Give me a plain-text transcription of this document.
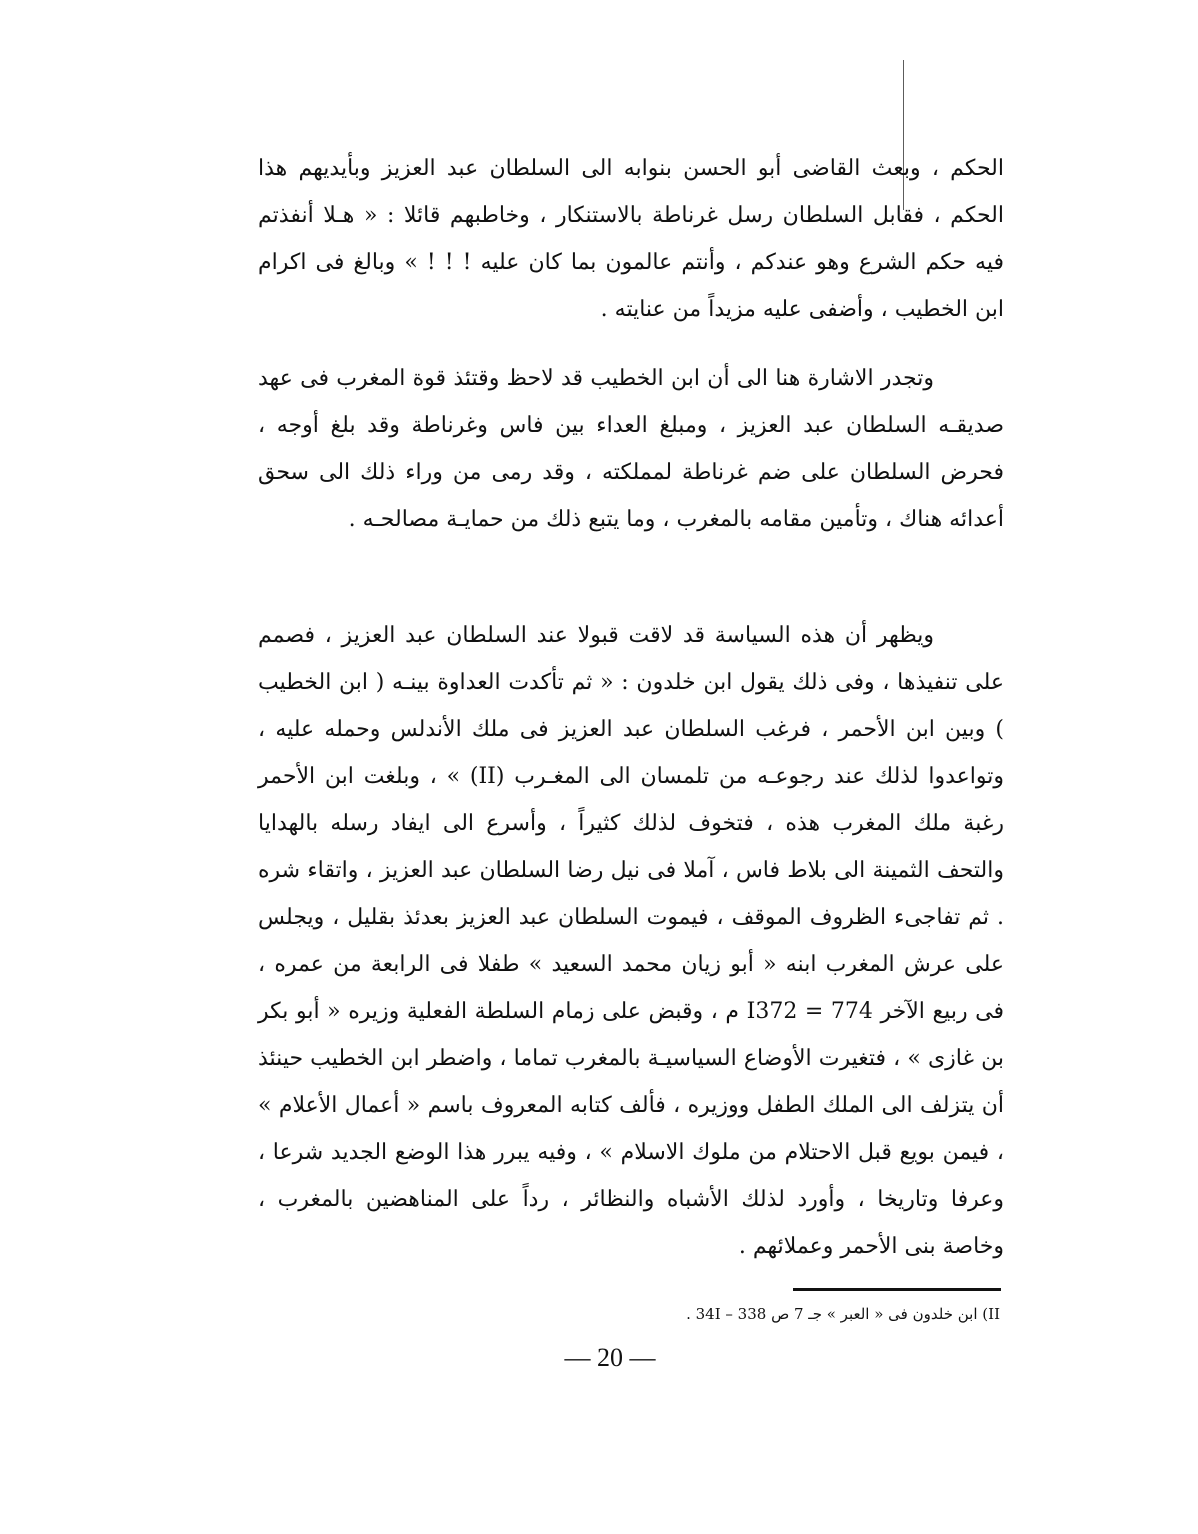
الحكم ، وبعث القاضى أبو الحسن بنوابه الى السلطان عبد العزيز وبأيديهم هذا الحكم ، فقابل السلطان رسل غرناطة بالاستنكار ، وخاطبهم قائلا : « هـلا أنفذتم فيه حكم الشرع وهو عندكم ، وأنتم عالمون بما كان عليه ! ! ! » وبالغ فى اكرام ابن الخطيب ، وأضفى عليه مزيداً من عنايته .

وتجدر الاشارة هنا الى أن ابن الخطيب قد لاحظ وقتئذ قوة المغرب فى عهد صديقـه السلطان عبد العزيز ، ومبلغ العداء بين فاس وغرناطة وقد بلغ أوجه ، فحرض السلطان على ضم غرناطة لمملكته ، وقد رمى من وراء ذلك الى سحق أعدائه هناك ، وتأمين مقامه بالمغرب ، وما يتبع ذلك من حمايـة مصالحـه .

ويظهر أن هذه السياسة قد لاقت قبولا عند السلطان عبد العزيز ، فصمم على تنفيذها ، وفى ذلك يقول ابن خلدون : « ثم تأكدت العداوة بينـه ( ابن الخطيب ) وبين ابن الأحمر ، فرغب السلطان عبد العزيز فى ملك الأندلس وحمله عليه ، وتواعدوا لذلك عند رجوعـه من تلمسان الى المغـرب (II) » ، وبلغت ابن الأحمر رغبة ملك المغرب هذه ، فتخوف لذلك كثيراً ، وأسرع الى ايفاد رسله بالهدايا والتحف الثمينة الى بلاط فاس ، آملا فى نيل رضا السلطان عبد العزيز ، واتقاء شره . ثم تفاجىء الظروف الموقف ، فيموت السلطان عبد العزيز بعدئذ بقليل ، ويجلس على عرش المغرب ابنه « أبو زيان محمد السعيد » طفلا فى الرابعة من عمره ، فى ربيع الآخر 774 = I372 م ، وقبض على زمام السلطة الفعلية وزيره « أبو بكر بن غازى » ، فتغيرت الأوضاع السياسيـة بالمغرب تماما ، واضطر ابن الخطيب حينئذ أن يتزلف الى الملك الطفل ووزيره ، فألف كتابه المعروف باسم « أعمال الأعلام » ، فيمن بويع قبل الاحتلام من ملوك الاسلام » ، وفيه يبرر هذا الوضع الجديد شرعا ، وعرفا وتاريخا ، وأورد لذلك الأشباه والنظائر ، رداً على المناهضين بالمغرب ، وخاصة بنى الأحمر وعملائهم .

II) ابن خلدون فى « العبر » جـ 7 ص 338 – 34I .

— 20 —
